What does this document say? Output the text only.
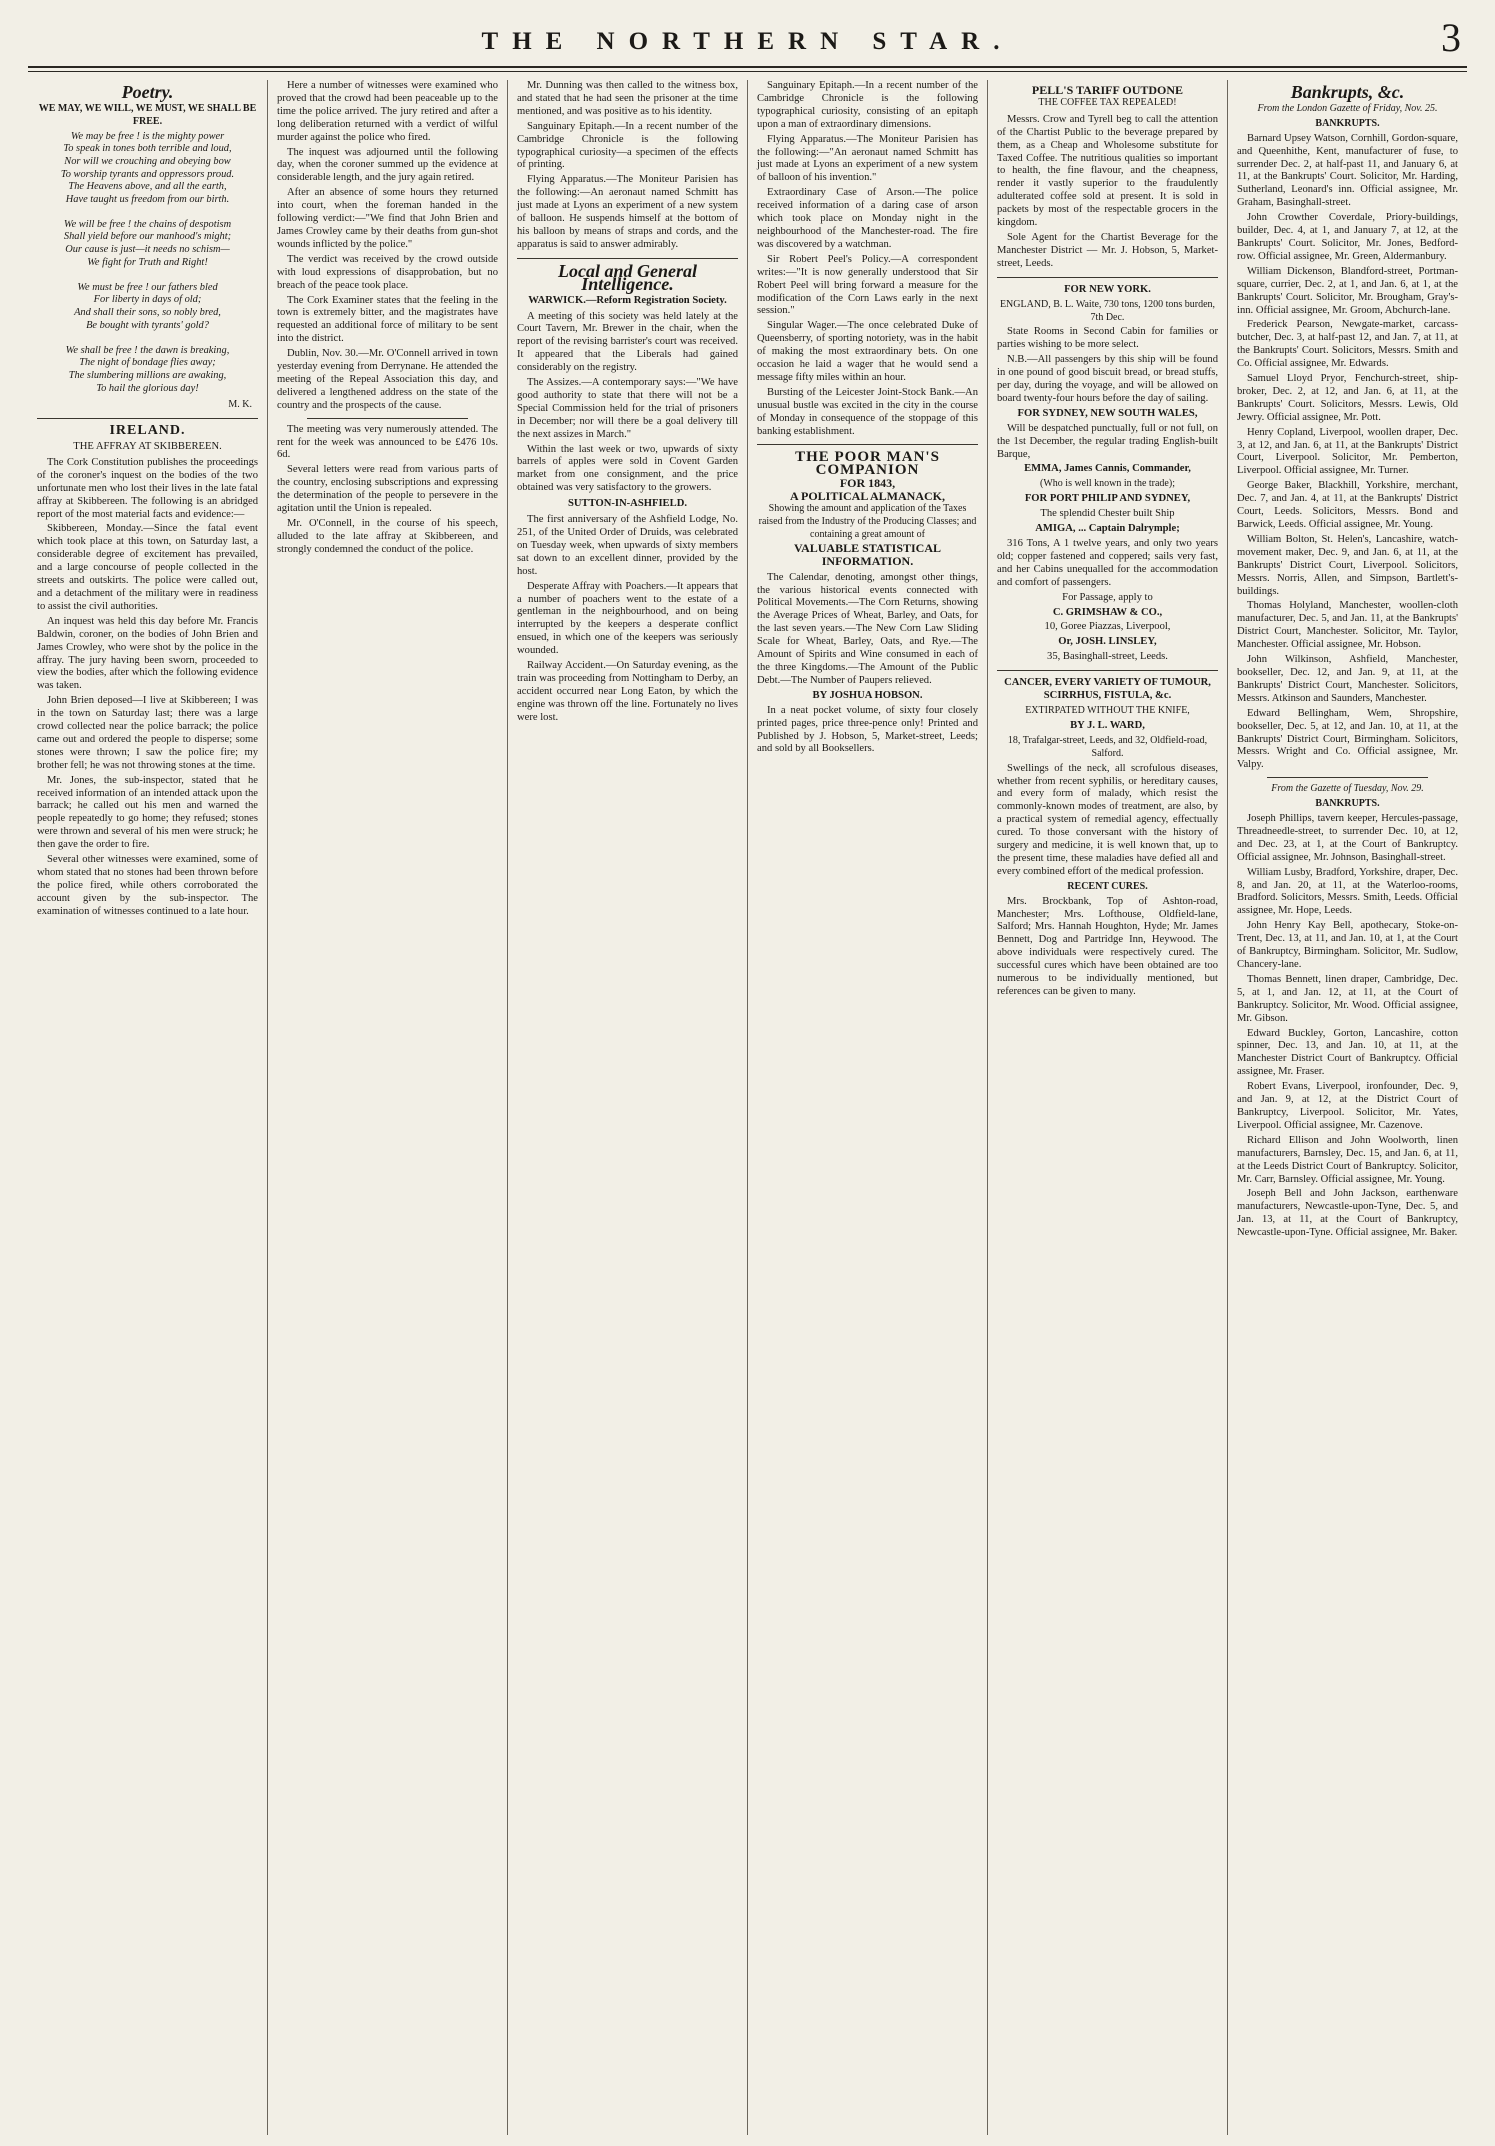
THE NORTHERN STAR.	3
Poetry.
WE MAY, WE WILL, WE MUST, WE SHALL BE FREE.
We may be free ! is the mighty power
To speak in tones both terrible and loud,
Nor will we crouching and obeying bow
To worship tyrants and oppressors proud.
The Heavens above, and all the earth,
Have taught us freedom from our birth.

We will be free ! the chains of despotism
Shall yield before our manhood's might;
Our cause is just—it needs no schism—
We fight for Truth and Right!

We must be free ! our fathers bled
For liberty in days of old;
And shall their sons, so nobly bred,
Be bought with tyrants' gold?

We shall be free ! the dawn is breaking,
The night of bondage flies away;
The slumbering millions are awaking,
To hail the glorious day!
M. K.
IRELAND.
THE AFFRAY AT SKIBBEREEN.

The Cork Constitution publishes the proceedings of the coroner's inquest on the bodies of the two unfortunate men who lost their lives in the late fatal affray at Skibbereen. The following is an abridged report of the most material facts and evidence:—

Skibbereen, Monday.—Since the fatal event which took place at this town, on Saturday last, a considerable degree of excitement has prevailed, and a large concourse of people collected in the streets and outskirts. The police were called out, and a detachment of the military were in readiness to assist the civil authorities.

An inquest was held this day before Mr. Francis Baldwin, coroner, on the bodies of John Brien and James Crowley, who were shot by the police in the affray. The jury having been sworn, proceeded to view the bodies, after which the following evidence was taken.

John Brien deposed—I live at Skibbereen; I was in the town on Saturday last; there was a large crowd collected near the police barrack; the police came out and ordered the people to disperse; some stones were thrown; I saw the police fire; my brother fell; he was not throwing stones at the time.

Mr. Jones, the sub-inspector, stated that he received information of an intended attack upon the barrack; he called out his men and warned the people repeatedly to go home; they refused; stones were thrown and several of his men were struck; he then gave the order to fire.

Several other witnesses were examined, some of whom stated that no stones had been thrown before the police fired, while others corroborated the account given by the sub-inspector. The examination of witnesses continued to a late hour.

Here a number of witnesses were examined who proved that the crowd had been peaceable up to the time the police arrived. The jury retired and after a long deliberation returned with a verdict of wilful murder against the police who fired.

The inquest was adjourned until the following day, when the coroner summed up the evidence at considerable length, and the jury again retired.

After an absence of some hours they returned into court, when the foreman handed in the following verdict:—"We find that John Brien and James Crowley came by their deaths from gun-shot wounds inflicted by the police."

The verdict was received by the crowd outside with loud expressions of disapprobation, but no breach of the peace took place.

The Cork Examiner states that the feeling in the town is extremely bitter, and the magistrates have requested an additional force of military to be sent into the district.

Dublin, Nov. 30.—Mr. O'Connell arrived in town yesterday evening from Derrynane. He attended the meeting of the Repeal Association this day, and delivered a lengthened address on the state of the country and the prospects of the cause.

The meeting was very numerously attended. The rent for the week was announced to be £476 10s. 6d.

Several letters were read from various parts of the country, enclosing subscriptions and expressing the determination of the people to persevere in the agitation until the Union is repealed.

Mr. O'Connell, in the course of his speech, alluded to the late affray at Skibbereen, and strongly condemned the conduct of the police.

Mr. Dunning was then called to the witness box, and stated that he had seen the prisoner at the time mentioned, and was positive as to his identity.

Sanguinary Epitaph.—In a recent number of the Cambridge Chronicle is the following typographical curiosity—a specimen of the effects of printing.

Flying Apparatus.—The Moniteur Parisien has the following:—An aeronaut named Schmitt has just made at Lyons an experiment of a new system of balloon. He suspends himself at the bottom of his balloon by means of straps and cords, and the apparatus is said to answer admirably.

Local and General Intelligence.
WARWICK.—Reform Registration Society.

A meeting of this society was held lately at the Court Tavern, Mr. Brewer in the chair, when the report of the revising barrister's court was received. It appeared that the Liberals had gained considerably on the registry.

The Assizes.—A contemporary says:—"We have good authority to state that there will not be a Special Commission held for the trial of prisoners in December; nor will there be a goal delivery till the next assizes in March."

Within the last week or two, upwards of sixty barrels of apples were sold in Covent Garden market from one consignment, and the price obtained was very satisfactory to the growers.

SUTTON-IN-ASHFIELD.

The first anniversary of the Ashfield Lodge, No. 251, of the United Order of Druids, was celebrated on Tuesday week, when upwards of sixty members sat down to an excellent dinner, provided by the host.

Desperate Affray with Poachers.—It appears that a number of poachers went to the estate of a gentleman in the neighbourhood, and on being interrupted by the keepers a desperate conflict ensued, in which one of the keepers was seriously wounded.

Railway Accident.—On Saturday evening, as the train was proceeding from Nottingham to Derby, an accident occurred near Long Eaton, by which the engine was thrown off the line. Fortunately no lives were lost.

Sanguinary Epitaph.—In a recent number of the Cambridge Chronicle is the following typographical curiosity, consisting of an epitaph upon a man of extraordinary dimensions.

Flying Apparatus.—The Moniteur Parisien has the following:—"An aeronaut named Schmitt has just made at Lyons an experiment of a new system of balloon of his invention."

Extraordinary Case of Arson.—The police received information of a daring case of arson which took place on Monday night in the neighbourhood of the Manchester-road. The fire was discovered by a watchman.

Sir Robert Peel's Policy.—A correspondent writes:—"It is now generally understood that Sir Robert Peel will bring forward a measure for the modification of the Corn Laws early in the next session."

Singular Wager.—The once celebrated Duke of Queensberry, of sporting notoriety, was in the habit of making the most extraordinary bets. On one occasion he laid a wager that he would send a message fifty miles within an hour.

Bursting of the Leicester Joint-Stock Bank.—An unusual bustle was excited in the city in the course of Monday in consequence of the stoppage of this banking establishment.

THE POOR MAN'S COMPANION
FOR 1843,
A POLITICAL ALMANACK,
Showing the amount and application of the Taxes raised from the Industry of the Producing Classes; and containing a great amount of
VALUABLE STATISTICAL INFORMATION.

The Calendar, denoting, amongst other things, the various historical events connected with Political Movements.—The Corn Returns, showing the Average Prices of Wheat, Barley, and Oats, for the last seven years.—The New Corn Law Sliding Scale for Wheat, Barley, Oats, and Rye.—The Amount of Spirits and Wine consumed in each of the three Kingdoms.—The Amount of the Public Debt.—The Number of Paupers relieved.

BY JOSHUA HOBSON.

In a neat pocket volume, of sixty four closely printed pages, price three-pence only! Printed and Published by J. Hobson, 5, Market-street, Leeds; and sold by all Booksellers.

PELL'S TARIFF OUTDONE
THE COFFEE TAX REPEALED!

Messrs. Crow and Tyrell beg to call the attention of the Chartist Public to the beverage prepared by them, as a Cheap and Wholesome substitute for Taxed Coffee. The nutritious qualities so important to health, the fine flavour, and the cheapness, render it vastly superior to the fraudulently adulterated coffee sold at present. It is sold in packets by most of the respectable grocers in the kingdom.

Sole Agent for the Chartist Beverage for the Manchester District — Mr. J. Hobson, 5, Market-street, Leeds.

FOR NEW YORK.
ENGLAND, B. L. Waite, 730 tons, 1200 tons burden, 7th Dec.

State Rooms in Second Cabin for families or parties wishing to be more select.

N.B.—All passengers by this ship will be found in one pound of good biscuit bread, or bread stuffs, per day, during the voyage, and will be allowed on board twenty-four hours before the day of sailing.

FOR SYDNEY, NEW SOUTH WALES,

Will be despatched punctually, full or not full, on the 1st December, the regular trading English-built Barque,

EMMA, James Cannis, Commander,
(Who is well known in the trade);
FOR PORT PHILIP AND SYDNEY,
The splendid Chester built Ship
AMIGA, ... Captain Dalrymple;

316 Tons, A 1 twelve years, and only two years old; copper fastened and coppered; sails very fast, and her Cabins unequalled for the accommodation and comfort of passengers.

For Passage, apply to
C. GRIMSHAW & CO.,
10, Goree Piazzas, Liverpool,
Or, JOSH. LINSLEY,
35, Basinghall-street, Leeds.
CANCER, EVERY VARIETY OF TUMOUR, SCIRRHUS, FISTULA, &c.
EXTIRPATED WITHOUT THE KNIFE,
BY J. L. WARD,
18, Trafalgar-street, Leeds, and 32, Oldfield-road, Salford.

Swellings of the neck, all scrofulous diseases, whether from recent syphilis, or hereditary causes, and every form of malady, which resist the commonly-known modes of treatment, are also, by a practical system of remedial agency, effectually cured. To those conversant with the history of surgery and medicine, it is well known that, up to the present time, these maladies have defied all and every combined effort of the medical profession.

RECENT CURES.

Mrs. Brockbank, Top of Ashton-road, Manchester; Mrs. Lofthouse, Oldfield-lane, Salford; Mrs. Hannah Houghton, Hyde; Mr. James Bennett, Dog and Partridge Inn, Heywood. The above individuals were respectively cured. The successful cures which have been obtained are too numerous to be individually mentioned, but references can be given to many.

Bankrupts, &c.
From the London Gazette of Friday, Nov. 25.
BANKRUPTS.

Barnard Upsey Watson, Cornhill, Gordon-square, and Queenhithe, Kent, manufacturer of fuse, to surrender Dec. 2, at half-past 11, and January 6, at 11, at the Bankrupts' Court. Solicitor, Mr. Harding, Sutherland, Leonard's inn. Official assignee, Mr. Graham, Basinghall-street.

John Crowther Coverdale, Priory-buildings, builder, Dec. 4, at 1, and January 7, at 12, at the Bankrupts' Court. Solicitor, Mr. Jones, Bedford-row. Official assignee, Mr. Green, Aldermanbury.

William Dickenson, Blandford-street, Portman-square, currier, Dec. 2, at 1, and Jan. 6, at 1, at the Bankrupts' Court. Solicitor, Mr. Brougham, Gray's-inn. Official assignee, Mr. Groom, Abchurch-lane.

Frederick Pearson, Newgate-market, carcass-butcher, Dec. 3, at half-past 12, and Jan. 7, at 11, at the Bankrupts' Court. Solicitors, Messrs. Smith and Co. Official assignee, Mr. Edwards.

Samuel Lloyd Pryor, Fenchurch-street, ship-broker, Dec. 2, at 12, and Jan. 6, at 11, at the Bankrupts' Court. Solicitors, Messrs. Lewis, Old Jewry. Official assignee, Mr. Pott.

Henry Copland, Liverpool, woollen draper, Dec. 3, at 12, and Jan. 6, at 11, at the Bankrupts' District Court, Liverpool. Solicitor, Mr. Pemberton, Liverpool. Official assignee, Mr. Turner.

George Baker, Blackhill, Yorkshire, merchant, Dec. 7, and Jan. 4, at 11, at the Bankrupts' District Court, Leeds. Solicitors, Messrs. Bond and Barwick, Leeds. Official assignee, Mr. Young.

William Bolton, St. Helen's, Lancashire, watch-movement maker, Dec. 9, and Jan. 6, at 11, at the Bankrupts' District Court, Liverpool. Solicitors, Messrs. Norris, Allen, and Simpson, Bartlett's-buildings.

Thomas Holyland, Manchester, woollen-cloth manufacturer, Dec. 5, and Jan. 11, at the Bankrupts' District Court, Manchester. Solicitor, Mr. Taylor, Manchester. Official assignee, Mr. Hobson.

John Wilkinson, Ashfield, Manchester, bookseller, Dec. 12, and Jan. 9, at 11, at the Bankrupts' District Court, Manchester. Solicitors, Messrs. Atkinson and Saunders, Manchester.

Edward Bellingham, Wem, Shropshire, bookseller, Dec. 5, at 12, and Jan. 10, at 11, at the Bankrupts' District Court, Birmingham. Solicitors, Messrs. Wright and Co. Official assignee, Mr. Valpy.

From the Gazette of Tuesday, Nov. 29.
BANKRUPTS.

Joseph Phillips, tavern keeper, Hercules-passage, Threadneedle-street, to surrender Dec. 10, at 12, and Dec. 23, at 1, at the Court of Bankruptcy. Official assignee, Mr. Johnson, Basinghall-street.

William Lusby, Bradford, Yorkshire, draper, Dec. 8, and Jan. 20, at 11, at the Waterloo-rooms, Bradford. Solicitors, Messrs. Smith, Leeds. Official assignee, Mr. Hope, Leeds.

John Henry Kay Bell, apothecary, Stoke-on-Trent, Dec. 13, at 11, and Jan. 10, at 1, at the Court of Bankruptcy, Birmingham. Solicitor, Mr. Sudlow, Chancery-lane.

Thomas Bennett, linen draper, Cambridge, Dec. 5, at 1, and Jan. 12, at 11, at the Court of Bankruptcy. Solicitor, Mr. Wood. Official assignee, Mr. Gibson.

Edward Buckley, Gorton, Lancashire, cotton spinner, Dec. 13, and Jan. 10, at 11, at the Manchester District Court of Bankruptcy. Official assignee, Mr. Fraser.

Robert Evans, Liverpool, ironfounder, Dec. 9, and Jan. 9, at 12, at the District Court of Bankruptcy, Liverpool. Solicitor, Mr. Yates, Liverpool. Official assignee, Mr. Cazenove.

Richard Ellison and John Woolworth, linen manufacturers, Barnsley, Dec. 15, and Jan. 6, at 11, at the Leeds District Court of Bankruptcy. Solicitor, Mr. Carr, Barnsley. Official assignee, Mr. Young.

Joseph Bell and John Jackson, earthenware manufacturers, Newcastle-upon-Tyne, Dec. 5, and Jan. 13, at 11, at the Court of Bankruptcy, Newcastle-upon-Tyne. Official assignee, Mr. Baker.
